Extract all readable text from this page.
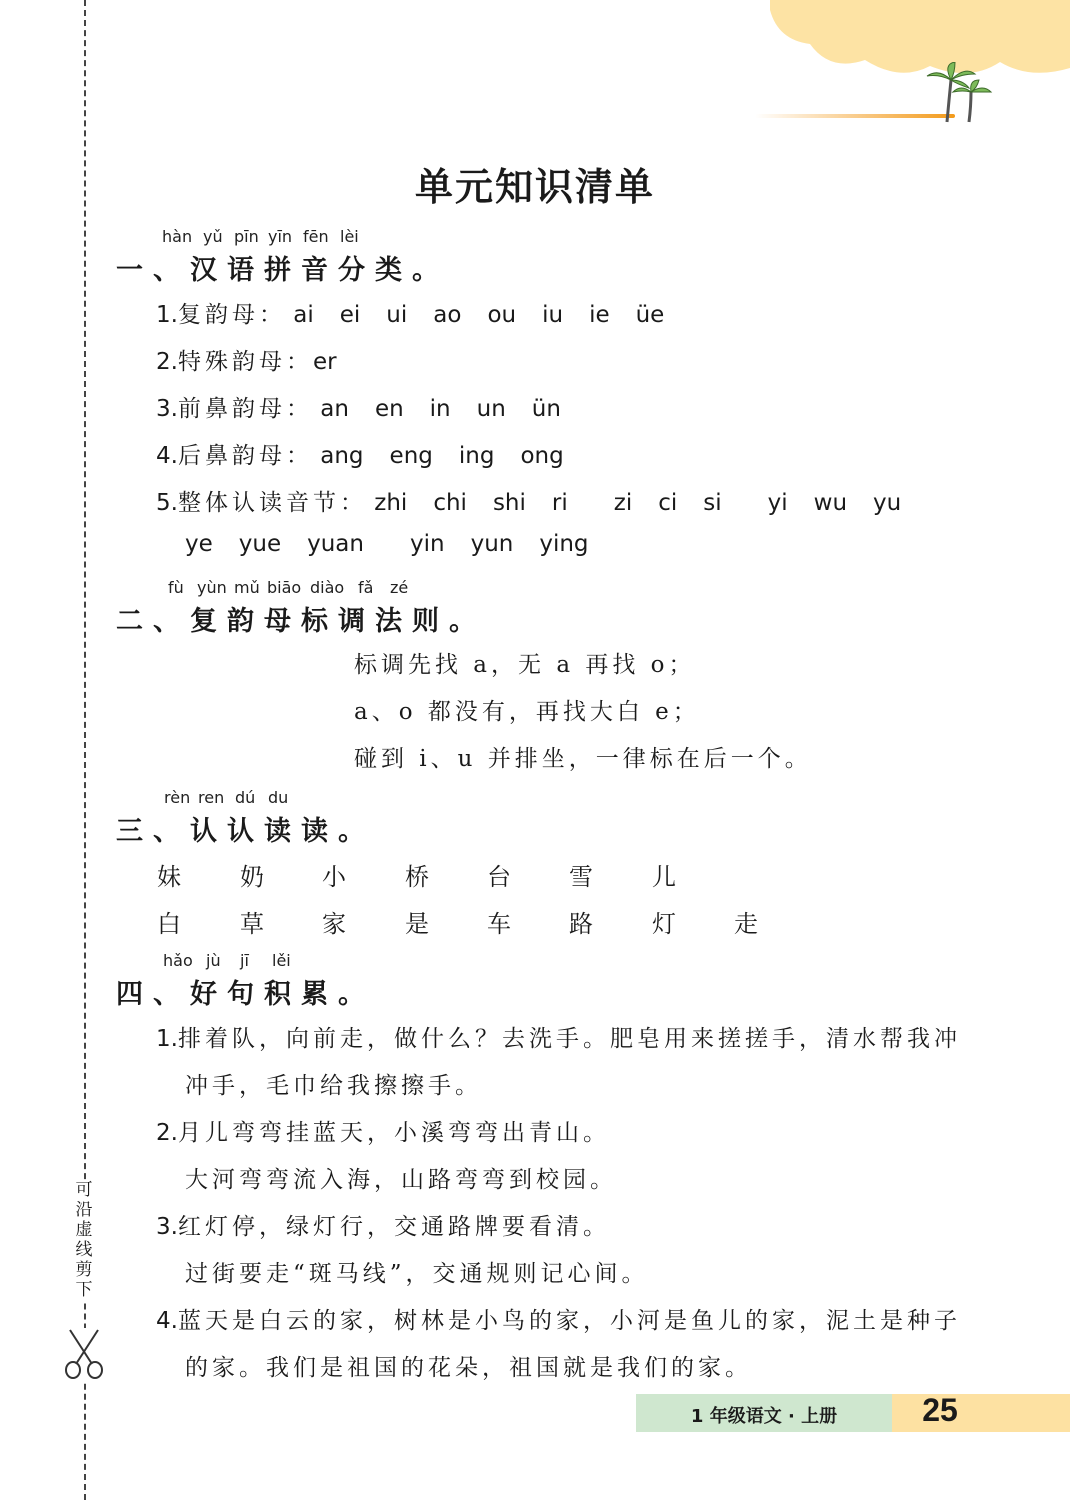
可
沿
虚
线
剪
下
单元知识清单
hàn yǔ pīn yīn fēn lèi
一、汉语拼音分类。
1.复韵母： ai ei ui ao ou iu ie üe
2.特殊韵母：er
3.前鼻韵母： an en in un ün
4.后鼻韵母： ang eng ing ong
5.整体认读音节： zhi chi shi ri zi ci si yi wu yu
ye yue yuan yin yun ying
fù yùn mǔ biāo diào fǎ zé
二、复韵母标调法则。
标调先找 a，无 a 再找 o；
a、o 都没有，再找大白 e；
碰到 i、u 并排坐，一律标在后一个。
rèn ren dú du
三、认认读读。
妹 奶 小 桥 台 雪 儿
白 草 家 是 车 路 灯 走
hǎo jù jī lěi
四、好句积累。
1.排着队，向前走，做什么？去洗手。肥皂用来搓搓手，清水帮我冲
冲手，毛巾给我擦擦手。
2.月儿弯弯挂蓝天，小溪弯弯出青山。
大河弯弯流入海，山路弯弯到校园。
3.红灯停，绿灯行，交通路牌要看清。
过街要走“斑马线”，交通规则记心间。
4.蓝天是白云的家，树林是小鸟的家，小河是鱼儿的家，泥土是种子
的家。我们是祖国的花朵，祖国就是我们的家。
1 年级语文 · 上册	25
